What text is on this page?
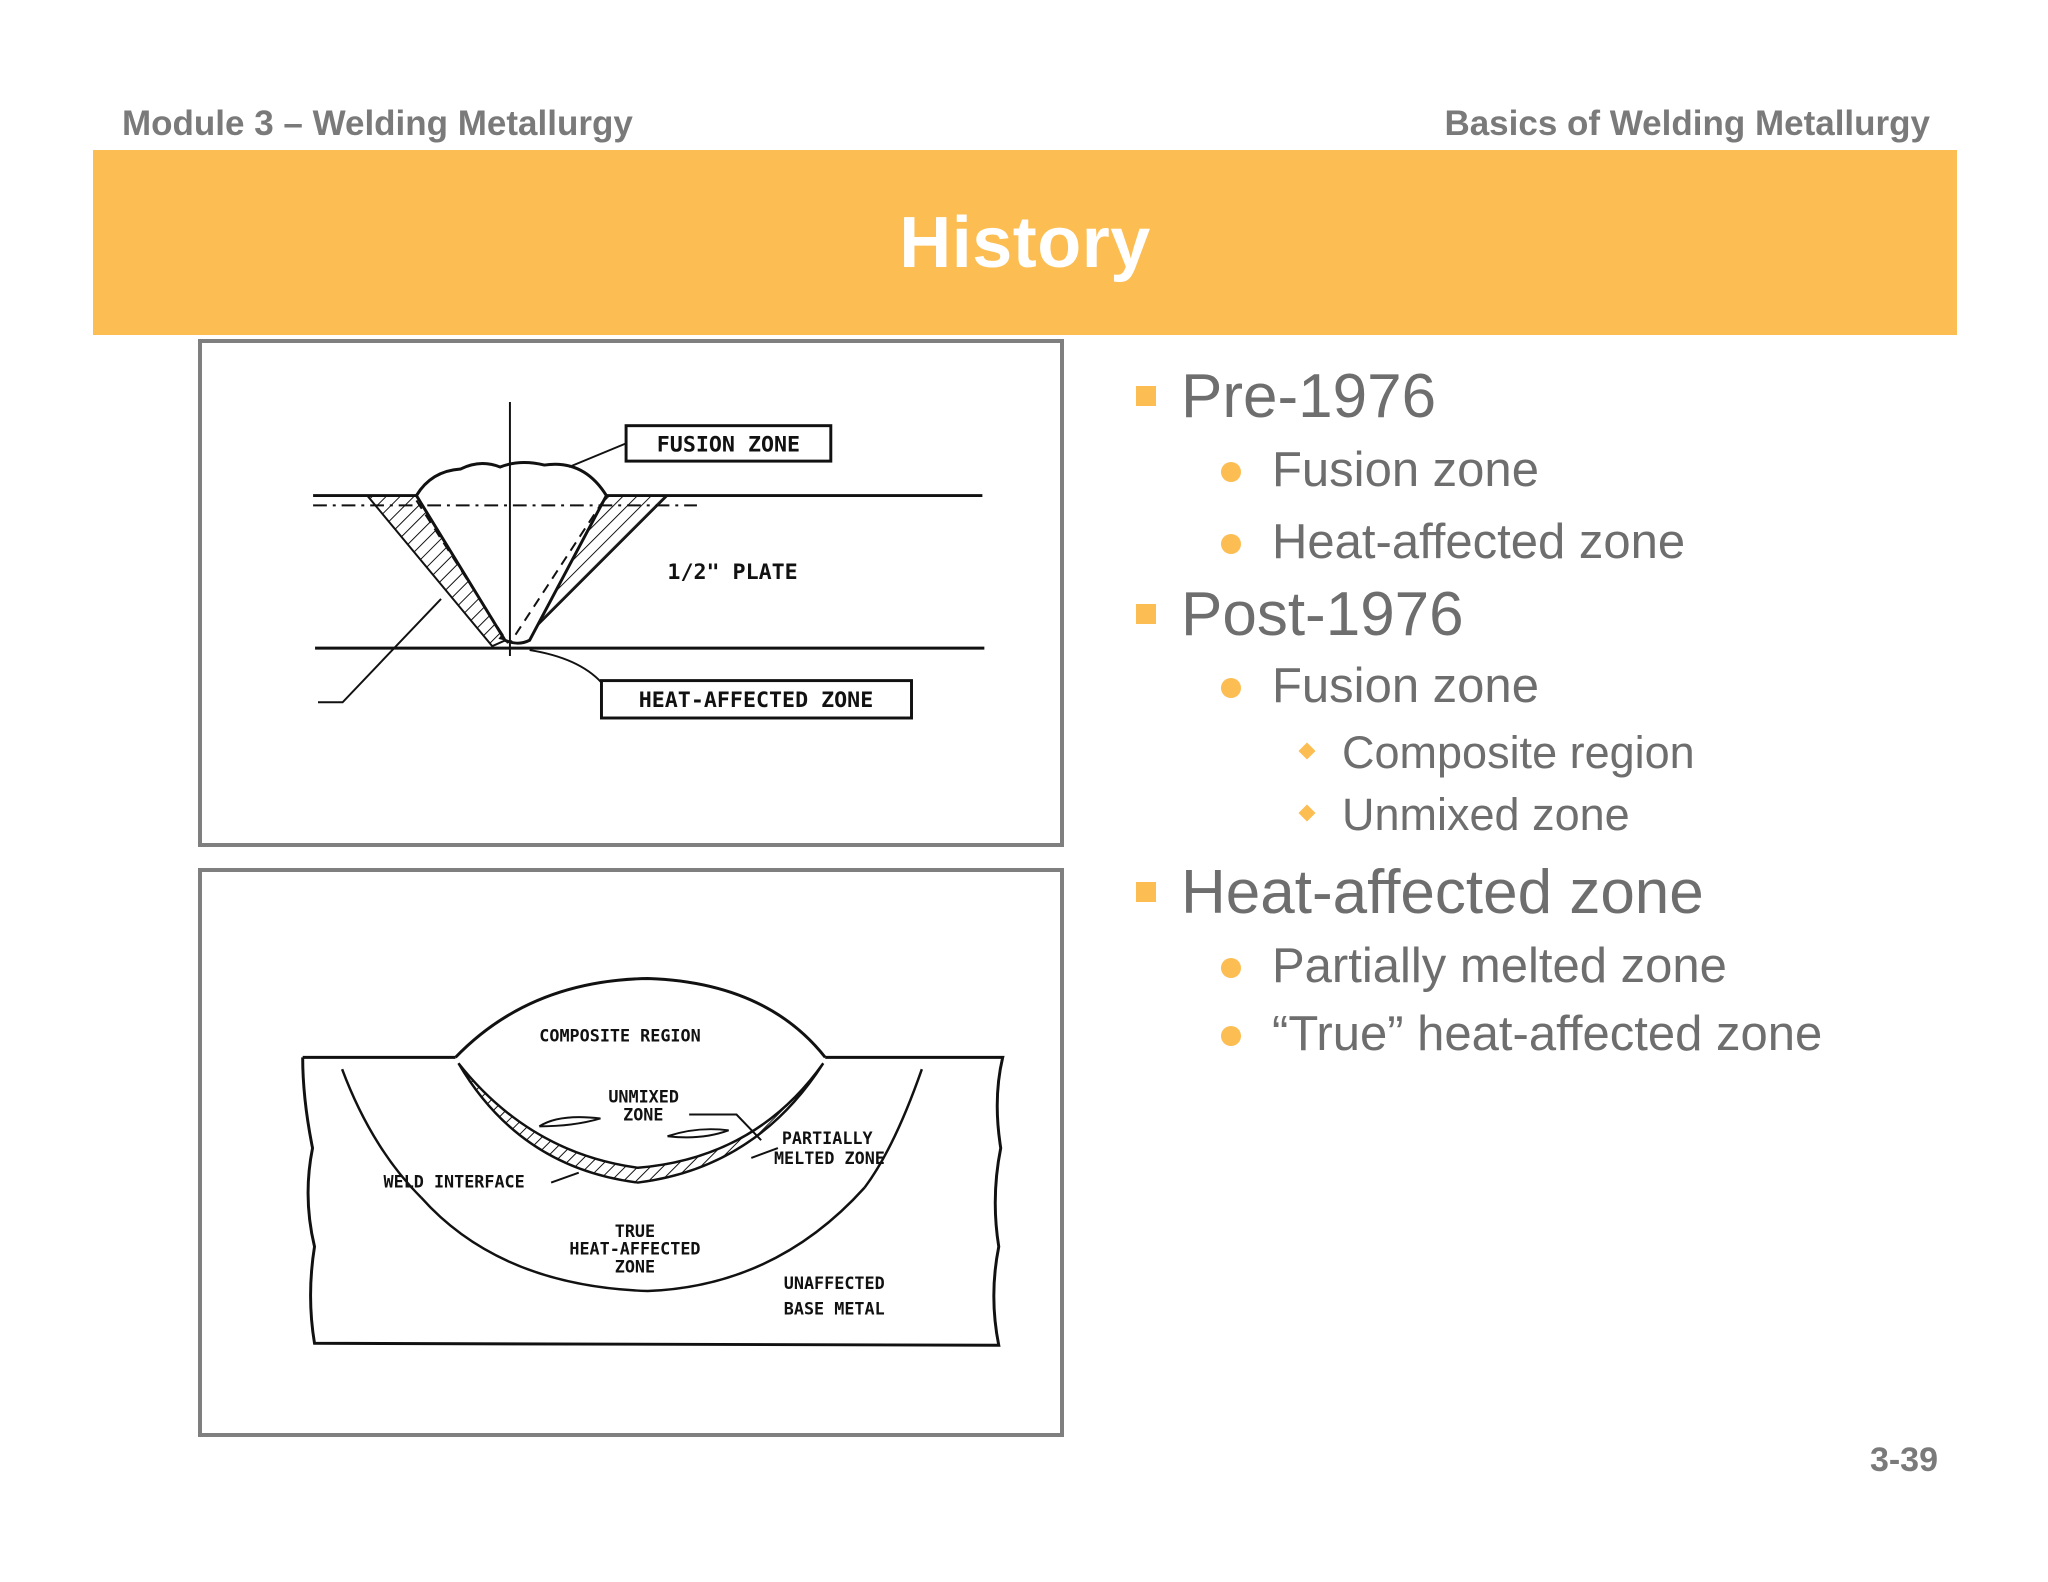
Module 3 – Welding Metallurgy	Basics of Welding Metallurgy
History
FUSION ZONE
1/2" PLATE
HEAT-AFFECTED ZONE
COMPOSITE REGION
UNMIXED
ZONE
PARTIALLY
MELTED ZONE
WELD INTERFACE
TRUE
HEAT-AFFECTED
ZONE
UNAFFECTED
BASE METAL
Pre-1976
Fusion zone
Heat-affected zone
Post-1976
Fusion zone
Composite region
Unmixed zone
Heat-affected zone
Partially melted zone
“True” heat-affected zone
3-39
